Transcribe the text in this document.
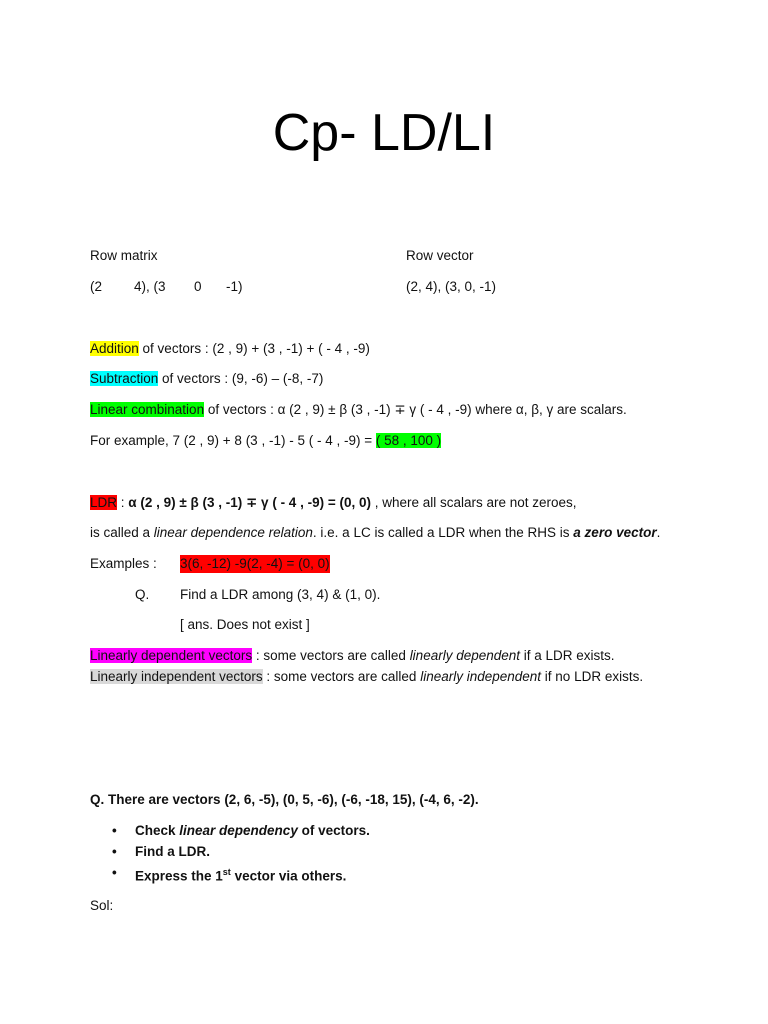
Cp- LD/LI
Row matrix	Row vector
(2 4), (3 0 -1)	(2, 4), (3, 0, -1)
Addition of vectors : (2 , 9) + (3 , -1) + ( - 4 , -9)
Subtraction of vectors : (9, -6) – (-8, -7)
Linear combination of vectors : α (2 , 9) ± β (3 , -1) ∓ γ ( - 4 , -9) where α, β, γ are scalars.
For example, 7 (2 , 9) + 8 (3 , -1) - 5 ( - 4 , -9) = ( 58 , 100 )
LDR : α (2 , 9) ± β (3 , -1) ∓ γ ( - 4 , -9) = (0, 0) , where all scalars are not zeroes,
is called a linear dependence relation. i.e. a LC is called a LDR when the RHS is a zero vector.
Examples : 3(6, -12) -9(2, -4) = (0, 0)
Q. Find a LDR among (3, 4) & (1, 0).
[ ans. Does not exist ]
Linearly dependent vectors : some vectors are called linearly dependent if a LDR exists.
Linearly independent vectors : some vectors are called linearly independent if no LDR exists.
Q. There are vectors (2, 6, -5), (0, 5, -6), (-6, -18, 15), (-4, 6, -2).
• Check linear dependency of vectors.
• Find a LDR.
• Express the 1st vector via others.
Sol:
